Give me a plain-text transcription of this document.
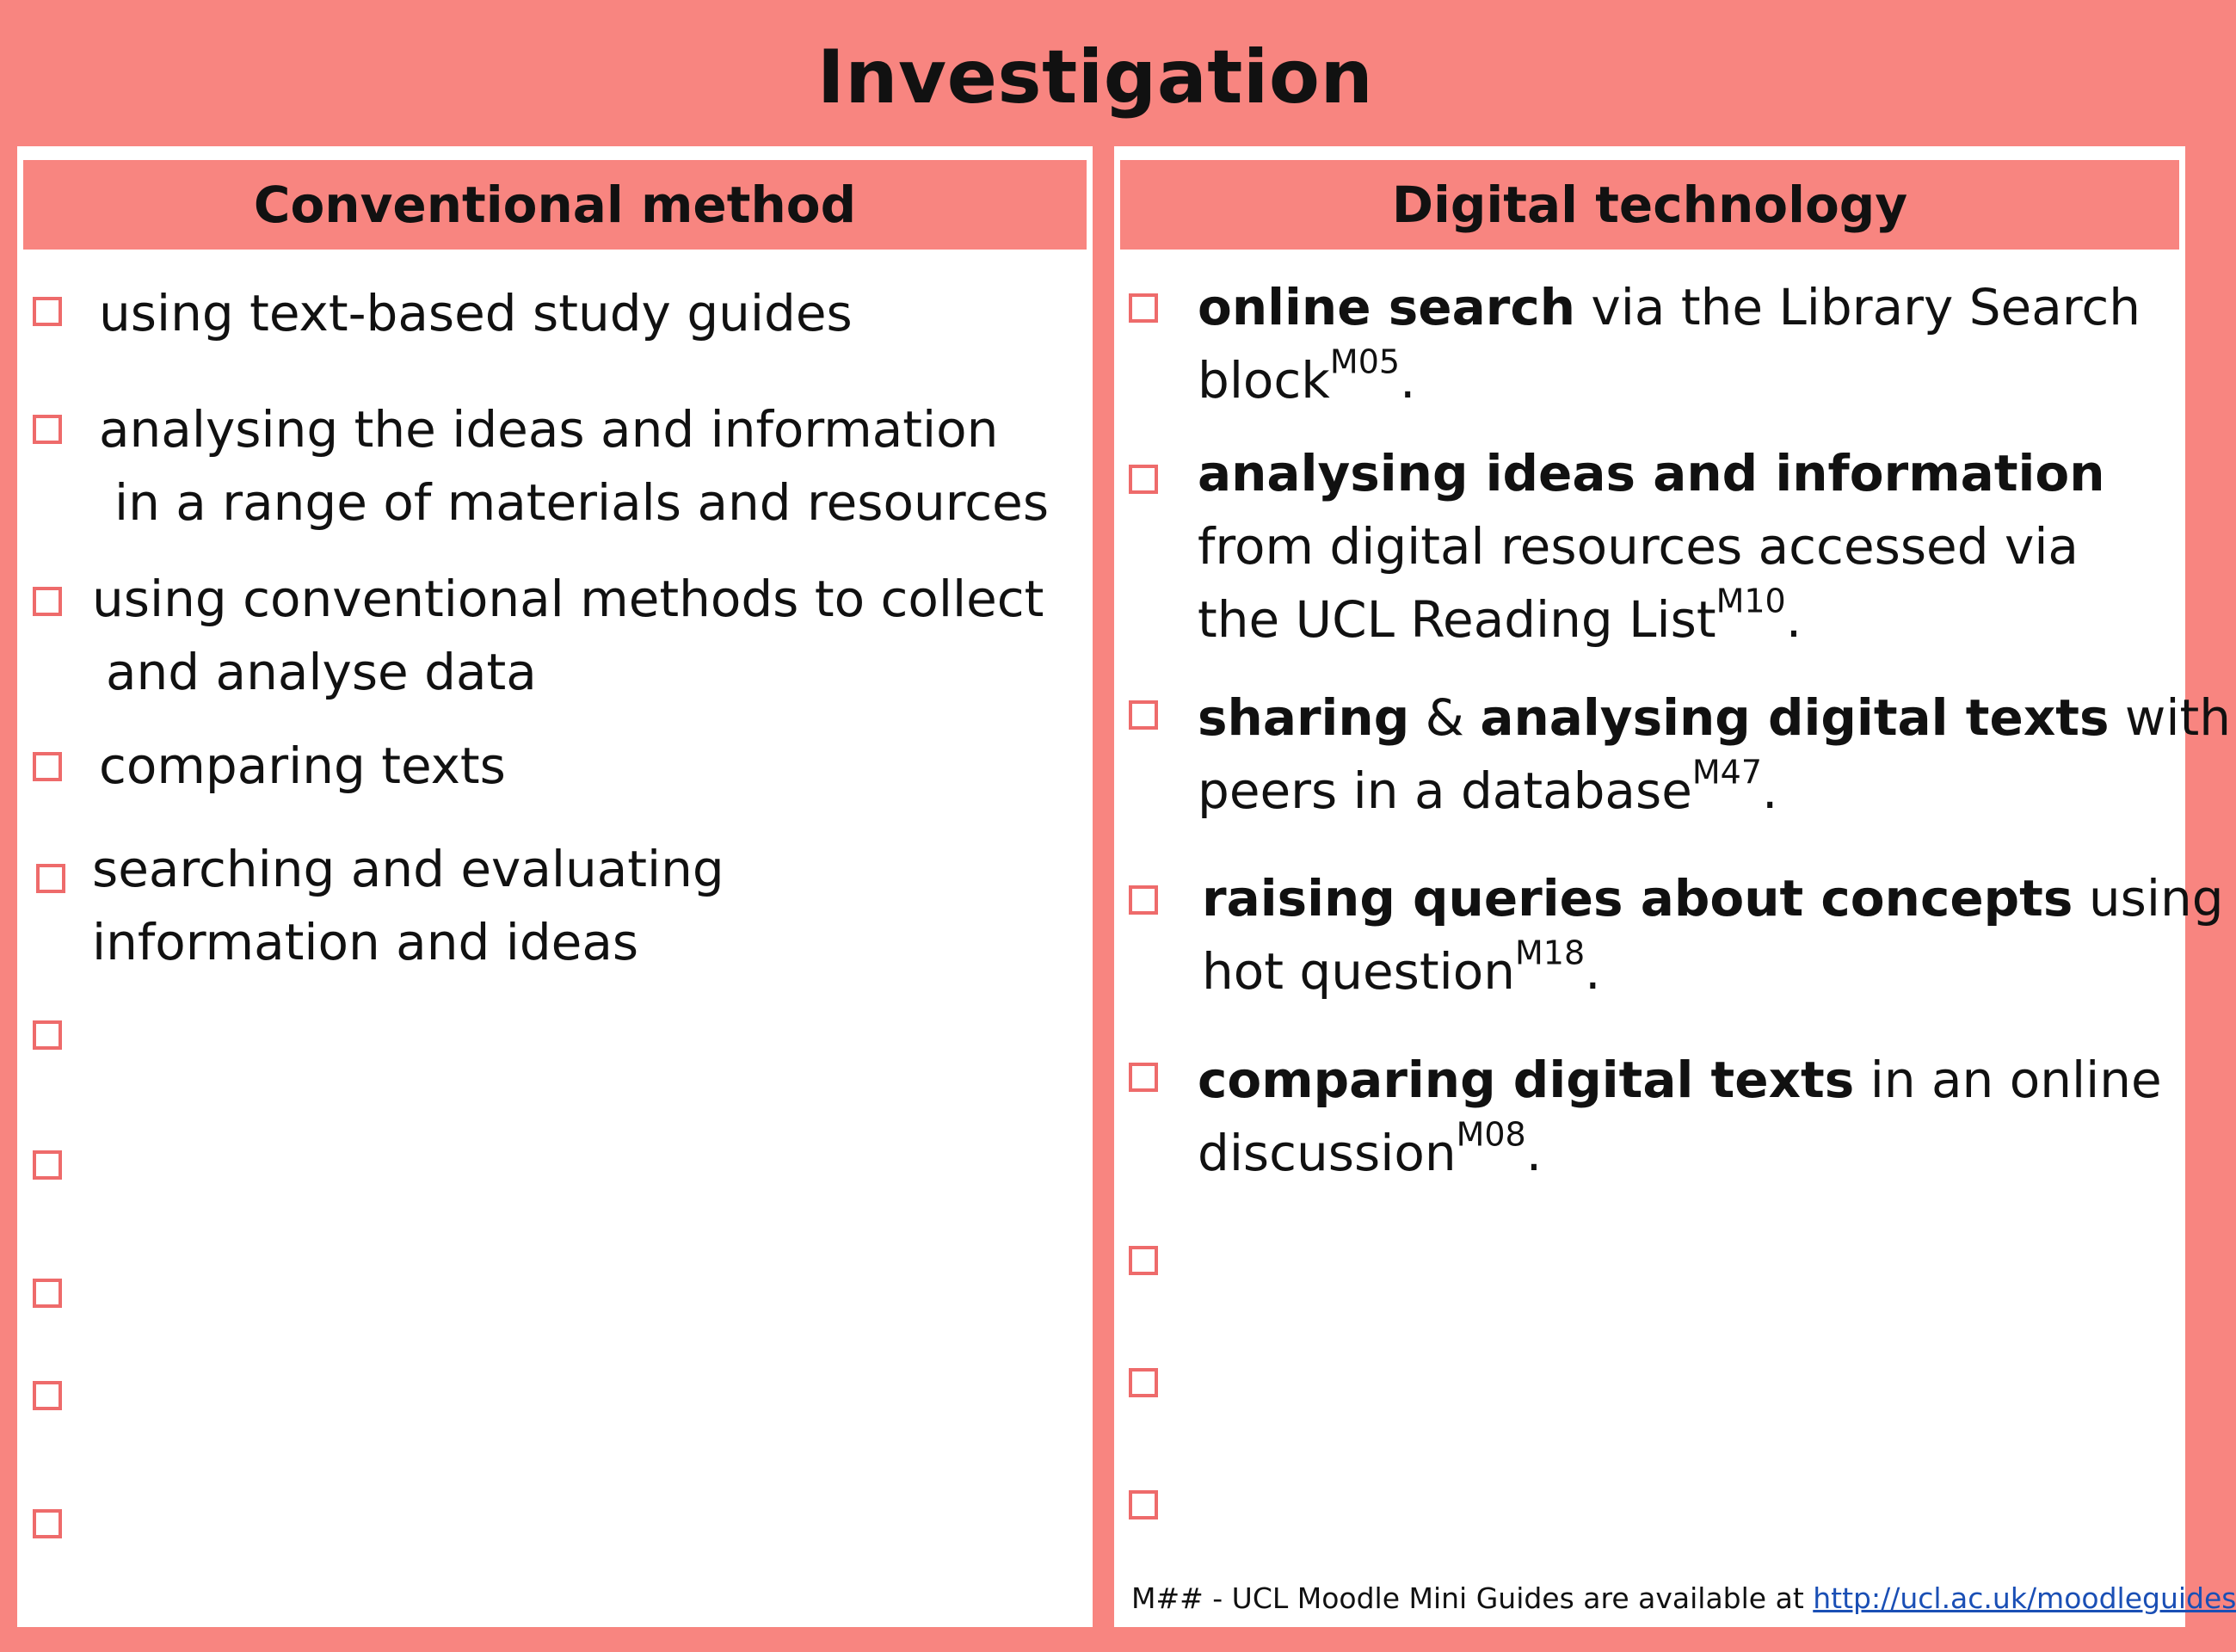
Investigation
Conventional method
using text-based study guides
analysing the ideas and information
in a range of materials and resources
using conventional methods to collect
and analyse data
comparing texts
searching and evaluating
information and ideas
Digital technology
online search via the Library Search
block$^{M05}$.
analysing ideas and information
from digital resources accessed via
the UCL Reading List$^{M10}$.
sharing & analysing digital texts with
peers in a database$^{M47}$.
raising queries about concepts using
hot question$^{M18}$.
comparing digital texts in an online
discussion$^{M08}$.
M## - UCL Moodle Mini Guides are available at http://ucl.ac.uk/moodleguides
